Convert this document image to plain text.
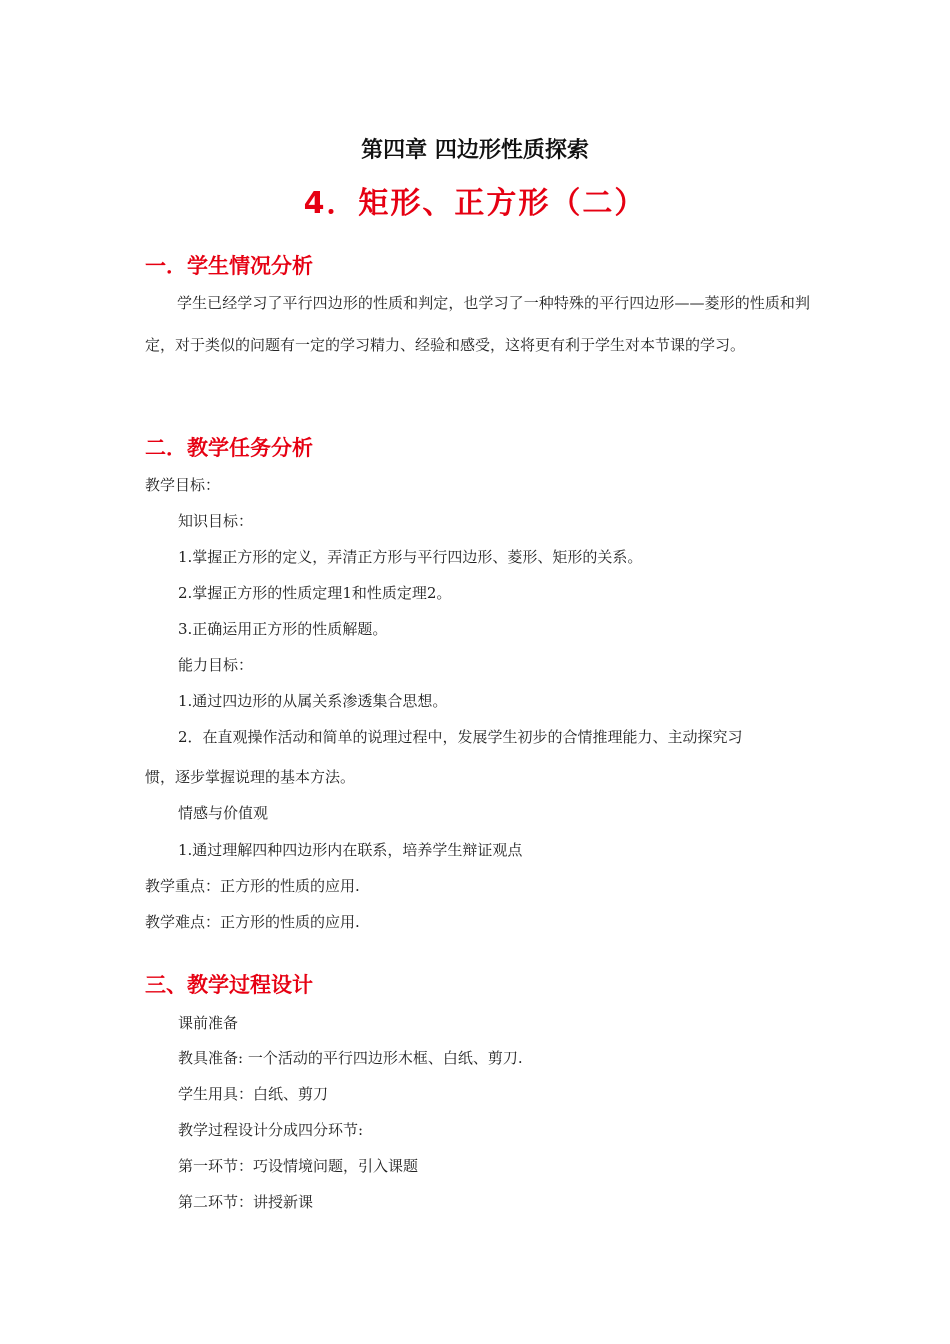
第四章 四边形性质探索
4．矩形、正方形（二）
一．学生情况分析
学生已经学习了平行四边形的性质和判定，也学习了一种特殊的平行四边形——菱形的性质和判定，对于类似的问题有一定的学习精力、经验和感受，这将更有利于学生对本节课的学习。
二．教学任务分析
教学目标：
知识目标：
1.掌握正方形的定义，弄清正方形与平行四边形、菱形、矩形的关系。
2.掌握正方形的性质定理1和性质定理2。
3.正确运用正方形的性质解题。
能力目标：
1.通过四边形的从属关系渗透集合思想。
2．在直观操作活动和简单的说理过程中，发展学生初步的合情推理能力、主动探究习
惯，逐步掌握说理的基本方法。
情感与价值观
1.通过理解四种四边形内在联系，培养学生辩证观点
教学重点：正方形的性质的应用.
教学难点：正方形的性质的应用.
三、教学过程设计
课前准备
教具准备: 一个活动的平行四边形木框、白纸、剪刀.
学生用具：白纸、剪刀
教学过程设计分成四分环节:
第一环节：巧设情境问题，引入课题
第二环节：讲授新课
